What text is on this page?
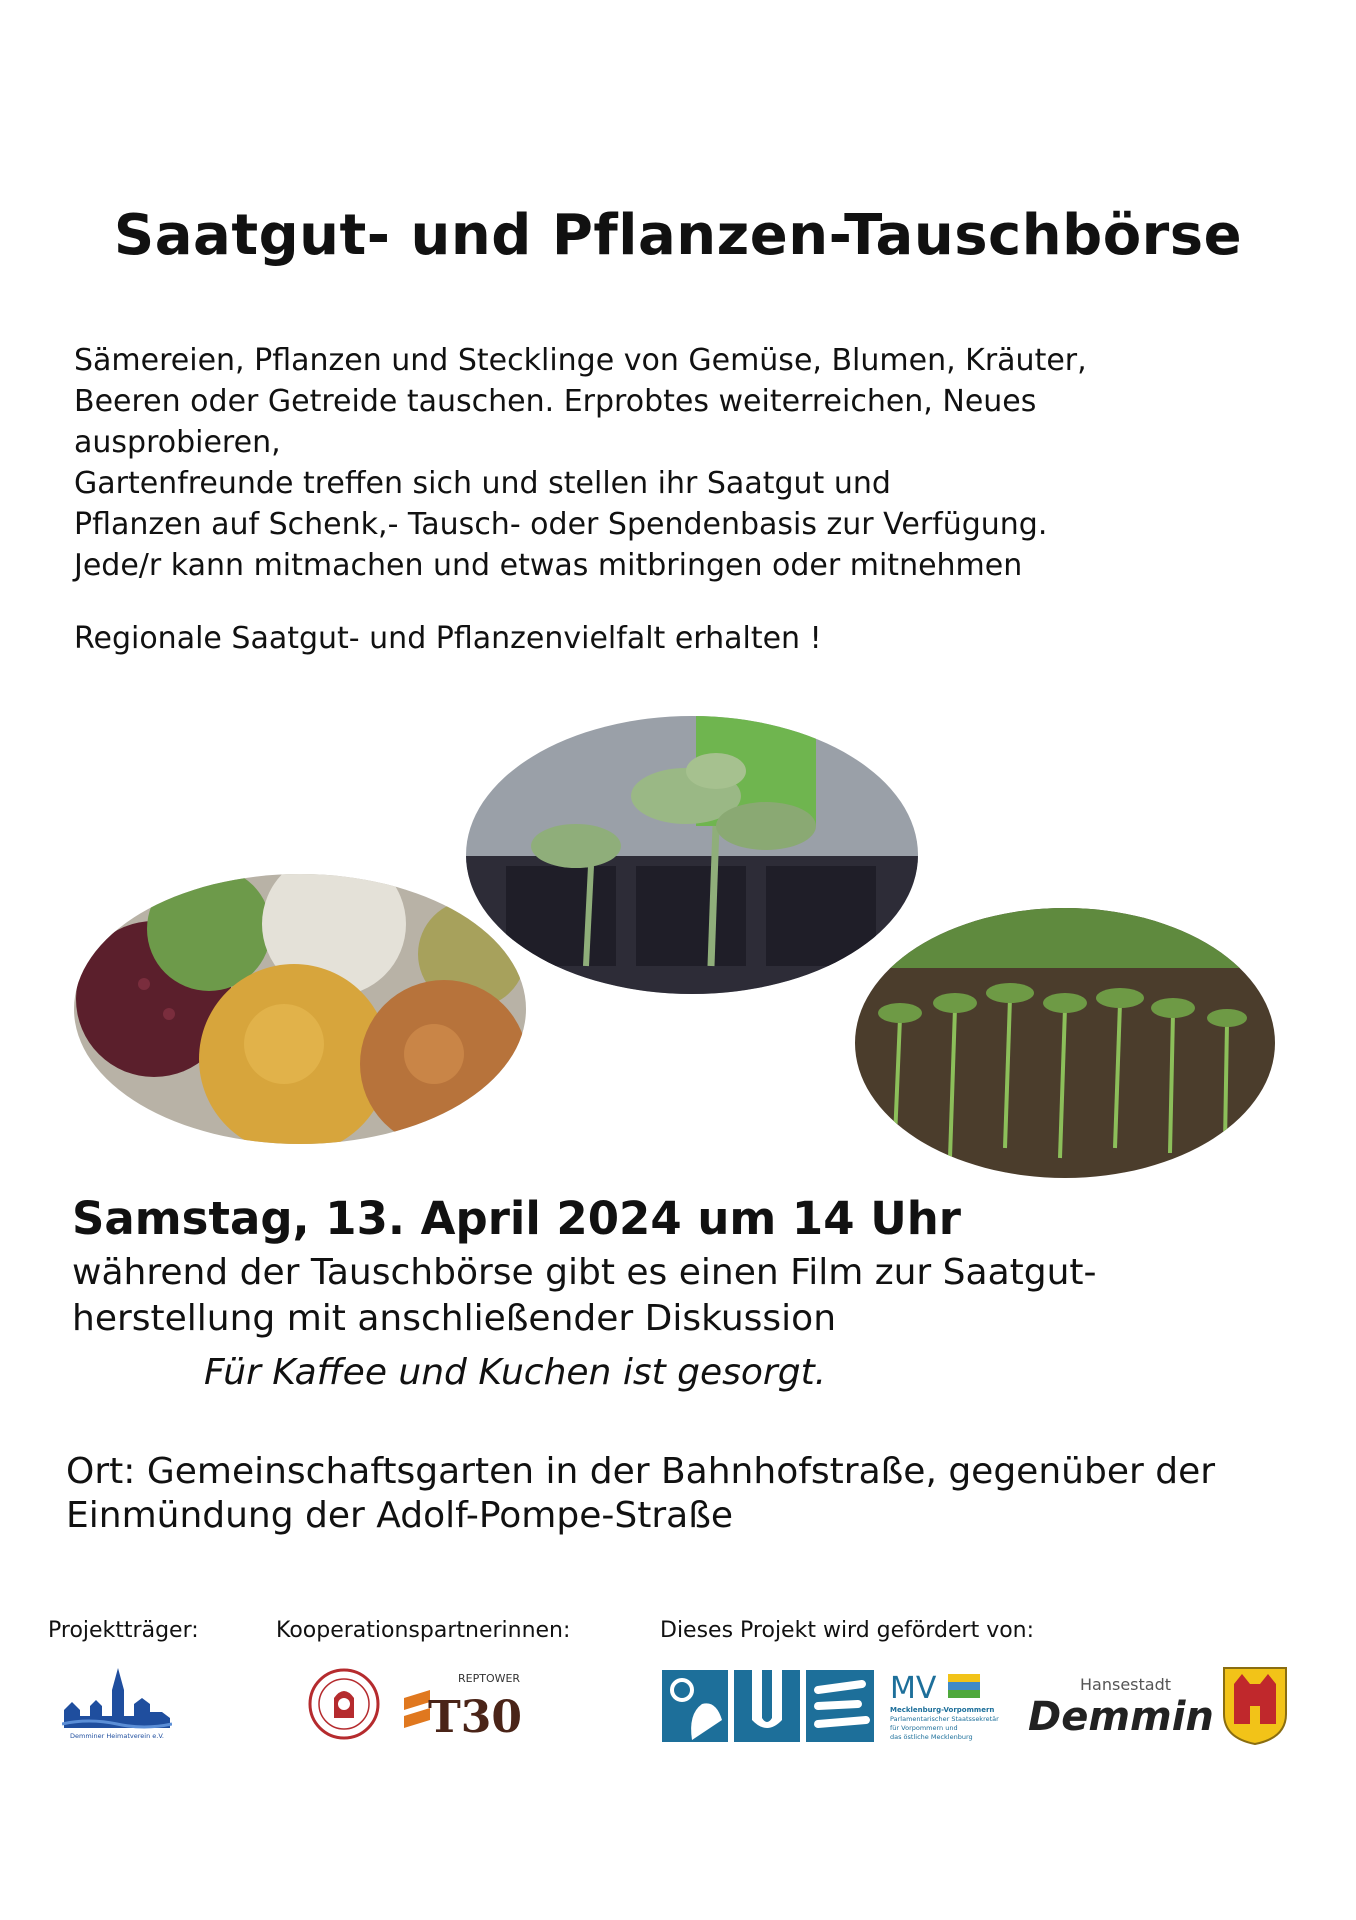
Saatgut- und Pflanzen-Tauschbörse
Sämereien, Pflanzen und Stecklinge von Gemüse, Blumen, Kräuter,
Beeren oder Getreide tauschen. Erprobtes weiterreichen, Neues
ausprobieren,
Gartenfreunde treffen sich und stellen ihr Saatgut und
Pflanzen auf Schenk,- Tausch- oder Spendenbasis zur Verfügung.
Jede/r kann mitmachen und etwas mitbringen oder mitnehmen
Regionale Saatgut- und Pflanzenvielfalt erhalten !
Samstag, 13. April 2024 um 14 Uhr
während der Tauschbörse gibt es einen Film zur Saatgut-
herstellung mit anschließender Diskussion
Für Kaffee und Kuchen ist gesorgt.
Ort: Gemeinschaftsgarten in der Bahnhofstraße, gegenüber der
Einmündung der Adolf-Pompe-Straße
Projektträger:	Kooperationspartnerinnen:	Dieses Projekt wird gefördert von:
Demminer Heimatverein e.V.	T30
REPTOWER	MV
Mecklenburg-Vorpommern
Parlamentarischer Staatssekretär
für Vorpommern und
das östliche Mecklenburg
Hansestadt
Demmin
